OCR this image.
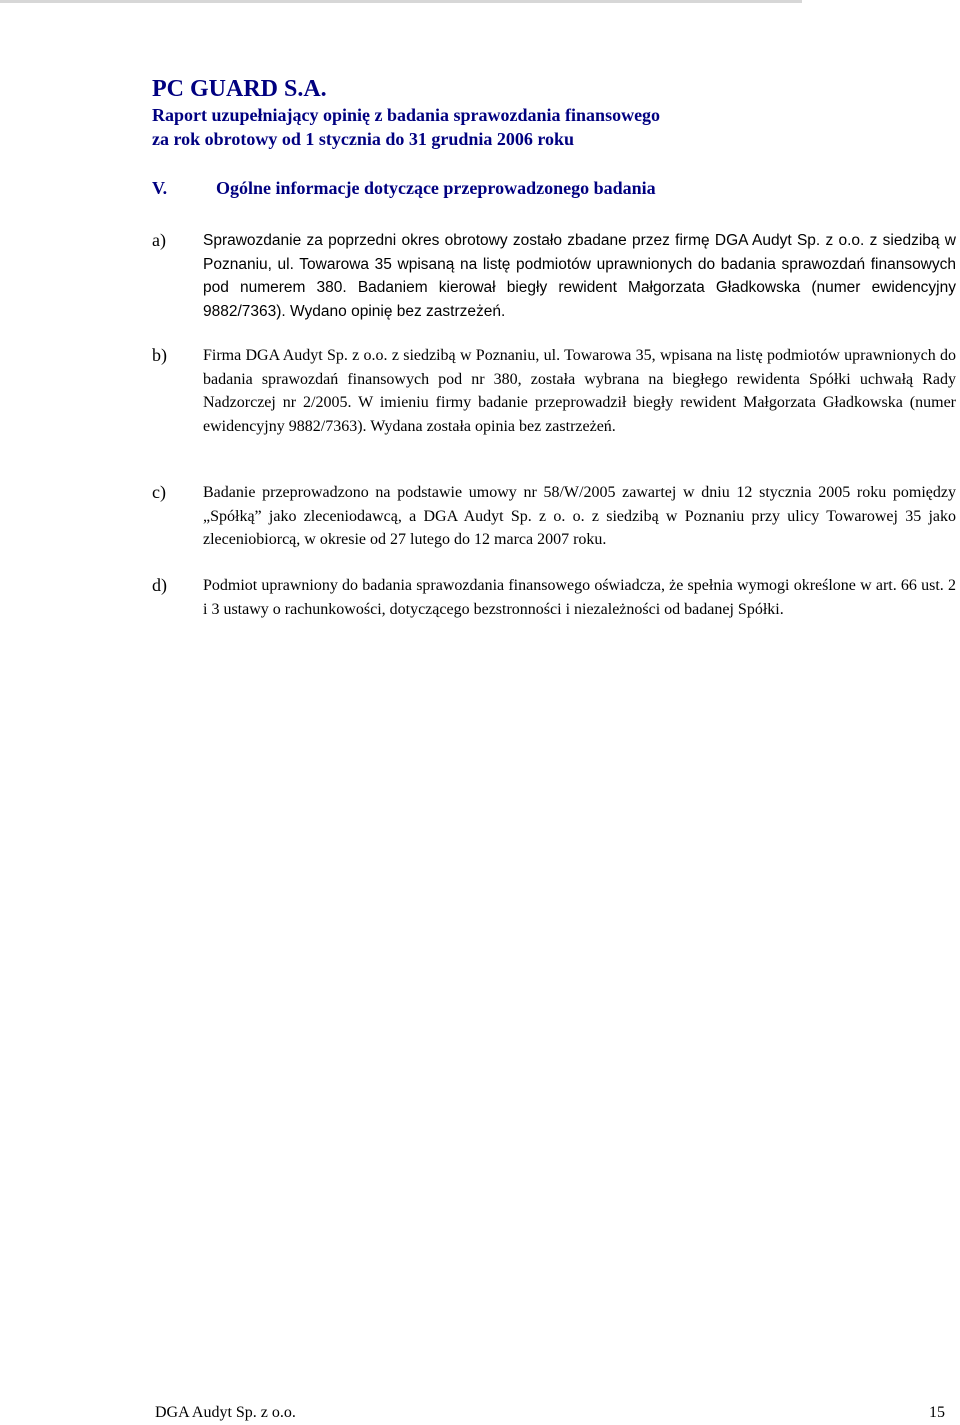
PC GUARD S.A.
Raport uzupełniający opinię z badania sprawozdania finansowego
za rok obrotowy od 1 stycznia do 31 grudnia 2006 roku
V.	Ogólne informacje dotyczące przeprowadzonego badania
a)	Sprawozdanie za poprzedni okres obrotowy zostało zbadane przez firmę DGA Audyt Sp. z o.o. z siedzibą w Poznaniu, ul. Towarowa 35 wpisaną na listę podmiotów uprawnionych do badania sprawozdań finansowych pod numerem 380. Badaniem kierował biegły rewident Małgorzata Gładkowska (numer ewidencyjny 9882/7363). Wydano opinię bez zastrzeżeń.
b)	Firma DGA Audyt Sp. z o.o. z siedzibą w Poznaniu, ul. Towarowa 35, wpisana na listę podmiotów uprawnionych do badania sprawozdań finansowych pod nr 380, została wybrana na biegłego rewidenta Spółki uchwałą Rady Nadzorczej nr 2/2005. W imieniu firmy badanie przeprowadził biegły rewident Małgorzata Gładkowska (numer ewidencyjny 9882/7363). Wydana została opinia bez zastrzeżeń.
c)	Badanie przeprowadzono na podstawie umowy nr 58/W/2005 zawartej w dniu 12 stycznia 2005 roku pomiędzy „Spółką” jako zleceniodawcą, a DGA Audyt Sp. z o. o. z siedzibą w Poznaniu przy ulicy Towarowej 35 jako zleceniobiorcą, w okresie od 27 lutego do 12 marca 2007 roku.
d)	Podmiot uprawniony do badania sprawozdania finansowego oświadcza, że spełnia wymogi określone w art. 66 ust. 2 i 3 ustawy o rachunkowości, dotyczącego bezstronności i niezależności od badanej Spółki.
DGA Audyt Sp. z o.o.	15
